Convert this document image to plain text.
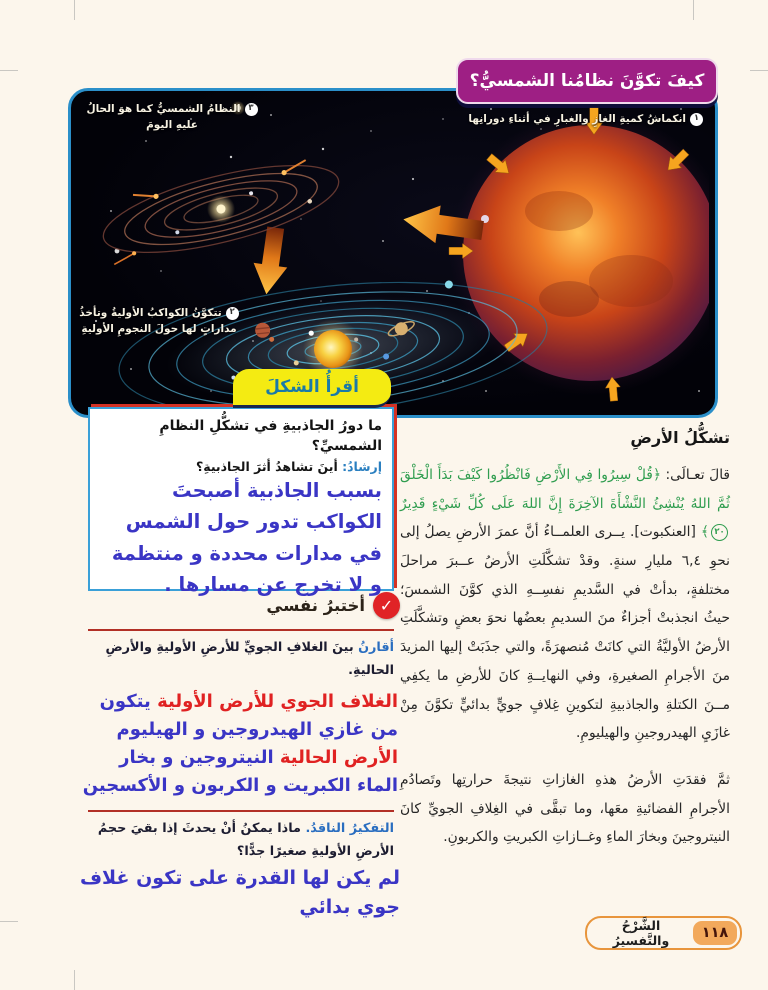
٣النظامُ الشمسيُّ كما هوَ الحالُ عليهِ اليومَ
١انكماشُ كميةِ الغازِ والغبارِ في أثناءِ دورانِها
٢تتكوَّنُ الكواكبُ الأوليةُ وتأخذُ مداراتٍ لها حولَ النجومِ الأوليةِ
كيفَ تكوَّنَ نظامُنا الشمسيُّ؟
أقرأُ الشكلَ
ما دورُ الجاذبيةِ في تشكُّلِ النظامِ الشمسيِّ؟
إرشادُ: أينَ تشاهدُ أثرَ الجاذبيةِ؟
بسبب الجاذبية أصبحتَ الكواكب تدور حول الشمس في مدارات محددة و منتظمة و لا تخرج عن مسارها .
✓
أختبرُ نفسي
أقارنُ بينَ الغلافِ الجويِّ للأرضِ الأوليةِ والأرضِ الحاليةِ.
الغلاف الجوي للأرض الأولية يتكون من غازي الهيدروجين و الهيليوم الأرض الحالية النيتروجين و بخار الماء الكبريت و الكربون و الأكسجين
التفكيرُ الناقدُ. ماذا يمكنُ أنْ يحدثَ إذا بقيَ حجمُ الأرضِ الأوليةِ صغيرًا جدًّا؟
لم يكن لها القدرة على تكون غلاف جوي بدائي
تشكُّلُ الأرضِ

قالَ تعـالَى: ﴿قُلْ سِيرُوا فِي الأَرْضِ فَانْظُرُوا كَيْفَ بَدَأَ الْخَلْقَ ثُمَّ اللهُ يُنْشِئُ النَّشْأَةَ الآخِرَةَ إِنَّ اللهَ عَلَى كُلِّ شَيْءٍ قَدِيرٌ ٢٠﴾ [العنكبوت]. يــرى العلمــاءُ أنَّ عمرَ الأرضِ يصلُ إلى نحوِ ٦,٤ مليارِ سنةٍ. وقدْ تشكَّلَتِ الأرضُ عــبرَ مراحلَ مختلفةٍ، بدأتْ في السَّديمِ نفسِــهِ الذي كوَّنَ الشمسَ؛ حيثُ انجذبتْ أجزاءٌ منَ السديمِ بعضُها نحوَ بعضٍ وتشكَّلَتِ الأرضُ الأوليَّةُ التي كانَتْ مُنصهرَةً، والتي جذَبَتْ إليها المزيدَ منَ الأجرامِ الصغيرةِ، وفي النهايــةِ كانَ للأرضِ ما يكفِي مــنَ الكتلةِ والجاذبيةِ لتكوينِ غِلافٍ جويٍّ بدائيٍّ تكوَّنَ مِنْ غازَيِ الهيدروجينِ والهيليومِ.

ثمَّ فقدَتِ الأرضُ هذهِ الغازاتِ نتيجةَ حرارتِها وتَصادُمِ الأجرامِ الفضائيةِ معَها، وما تبقَّى في الغِلافِ الجويِّ كانَ النيتروجينَ وبخارَ الماءِ وغــازاتِ الكبريتِ والكربونِ.

الشَّرْحُ والتَّفسيرُ	١١٨
